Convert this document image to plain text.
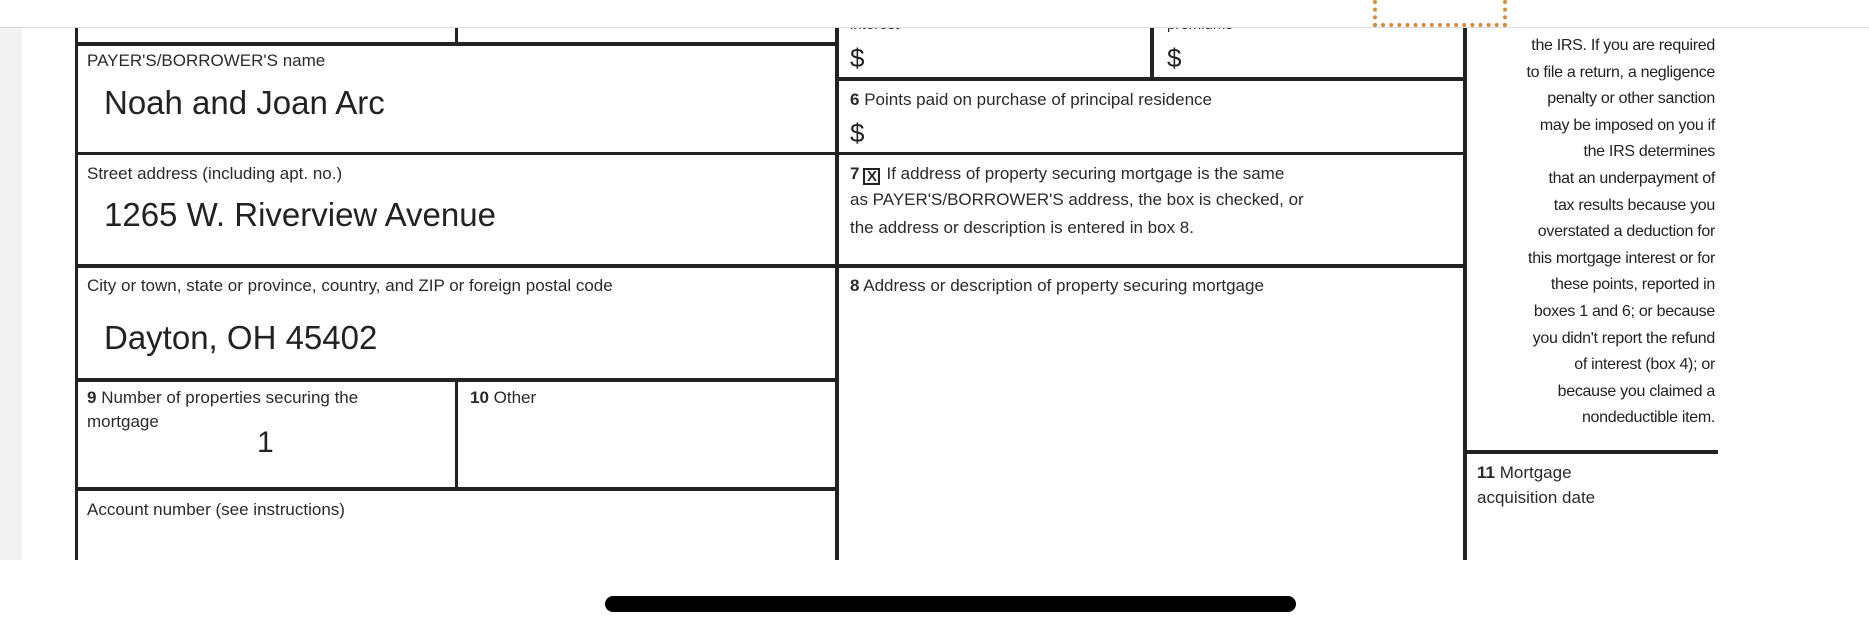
PAYER'S/BORROWER'S name
Noah and Joan Arc
Street address (including apt. no.)
1265 W. Riverview Avenue
City or town, state or province, country, and ZIP or foreign postal code
Dayton, OH 45402
9 Number of properties securing the
mortgage
1
10 Other
Account number (see instructions)
$	$
6 Points paid on purchase of principal residence
$
7 X If address of property securing mortgage is the same
as PAYER'S/BORROWER'S address, the box is checked, or
the address or description is entered in box 8.
8 Address or description of property securing mortgage
the IRS. If you are required
to file a return, a negligence
penalty or other sanction
may be imposed on you if
the IRS determines
that an underpayment of
tax results because you
overstated a deduction for
this mortgage interest or for
these points, reported in
boxes 1 and 6; or because
you didn't report the refund
of interest (box 4); or
because you claimed a
nondeductible item.
11 Mortgage
acquisition date
